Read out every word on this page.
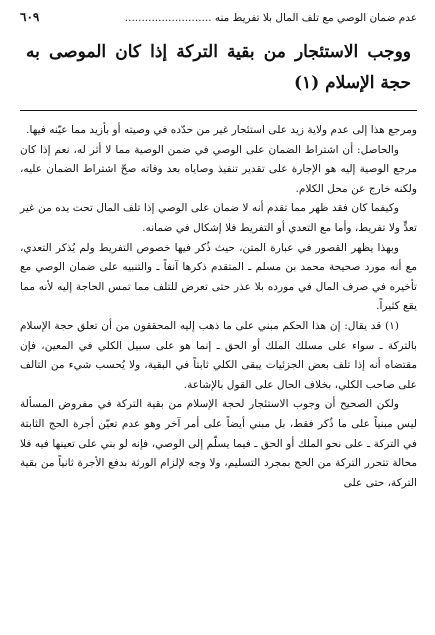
عدم ضمان الوصي مع تلف المال بلا تفريط منه ..........................
٦٠٩
ووجب الاستئجار من بقية التركة إذا كان الموصى به حجة الإسلام (١)

ومرجع هذا إلى عدم ولاية زيد على استئجار غير من حدّده في وصيته أو بأزيد مما عيّنه فيها.

والحاصل: أن اشتراط الضمان على الوصي في ضمن الوصية مما لا أثر له، نعم إذا كان مرجع الوصية إليه هو الإجارة على تقدير تنفيذ وصاياه بعد وفاته صحّ اشتراط الضمان عليه، ولكنه خارج عن محل الكلام.

وكيفما كان فقد ظهر مما تقدم أنه لا ضمان على الوصي إذا تلف المال تحت يده من غير تعدٍّ ولا تفريط، وأما مع التعدي أو التفريط فلا إشكال في ضمانه.

وبهذا يظهر القصور في عبارة المتن، حيث ذُكر فيها خصوص التفريط ولم يُذكر التعدي، مع أنه مورد صحيحة محمد بن مسلم ـ المتقدم ذكرها آنفاً ـ والتنبيه على ضمان الوصي مع تأخيره في صرف المال في مورده بلا عذر حتى تعرض للتلف مما تمس الحاجة إليه لأنه مما يقع كثيراً.

(١) قد يقال: إن هذا الحكم مبني على ما ذهب إليه المحققون من أن تعلق حجة الإسلام بالتركة ـ سواء على مسلك الملك أو الحق ـ إنما هو على سبيل الكلي في المعين، فإن مقتضاه أنه إذا تلف بعض الجزئيات يبقى الكلي ثابتاً في البقية، ولا يُحسب شيء من التالف على صاحب الكلي، بخلاف الحال على القول بالإشاعة.

ولكن الصحيح أن وجوب الاستئجار لحجة الإسلام من بقية التركة في مفروض المسألة ليس مبنياً على ما ذُكر فقط، بل مبني أيضاً على أمر آخر وهو عدم تعيّن أجرة الحج الثابتة في التركة ـ على نحو الملك أو الحق ـ فيما يسلّم إلى الوصي، فإنه لو بني على تعينها فيه فلا محالة تتحرر التركة من الحج بمجرد التسليم، ولا وجه لإلزام الورثة بدفع الأجرة ثانياً من بقية التركة، حتى على
